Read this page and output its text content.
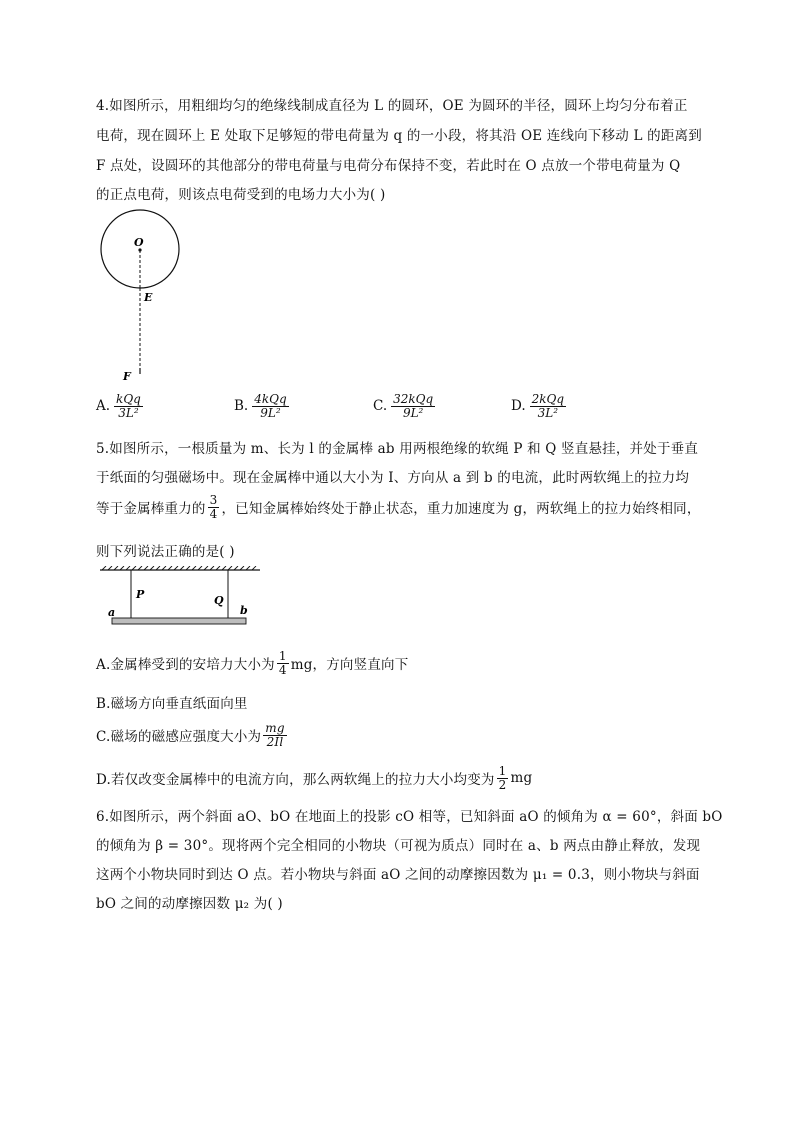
4.如图所示，用粗细均匀的绝缘线制成直径为 L 的圆环，OE 为圆环的半径，圆环上均匀分布着正
电荷，现在圆环上 E 处取下足够短的带电荷量为 q 的一小段，将其沿 OE 连线向下移动 L 的距离到
F 点处，设圆环的其他部分的带电荷量与电荷分布保持不变，若此时在 O 点放一个带电荷量为 Q
的正点电荷，则该点电荷受到的电场力大小为( )
O
E
F
A. $\frac{\text{kQq}}{\text{3L²}}$	B. $\frac{\text{4kQq}}{\text{9L²}}$	C. $\frac{\text{32kQq}}{\text{9L²}}$	D. $\frac{\text{2kQq}}{\text{3L²}}$
5.如图所示，一根质量为 m、长为 l 的金属棒 ab 用两根绝缘的软绳 P 和 Q 竖直悬挂，并处于垂直
于纸面的匀强磁场中。现在金属棒中通以大小为 I、方向从 a 到 b 的电流，此时两软绳上的拉力均
等于金属棒重力的 $\frac{3}{4}$ ，已知金属棒始终处于静止状态，重力加速度为 g，两软绳上的拉力始终相同，
则下列说法正确的是( )
P	Q
a	b
A.金属棒受到的安培力大小为 $\frac{1}{4}$ mg，方向竖直向下
B.磁场方向垂直纸面向里
C.磁场的磁感应强度大小为 $\frac{mg}{2Il}$
D.若仅改变金属棒中的电流方向，那么两软绳上的拉力大小均变为 $\frac{1}{2}$ mg
6.如图所示，两个斜面 aO、bO 在地面上的投影 cO 相等，已知斜面 aO 的倾角为 α = 60°，斜面 bO
的倾角为 β = 30°。现将两个完全相同的小物块（可视为质点）同时在 a、b 两点由静止释放，发现
这两个小物块同时到达 O 点。若小物块与斜面 aO 之间的动摩擦因数为 μ₁ = 0.3，则小物块与斜面
bO 之间的动摩擦因数 μ₂ 为( )
